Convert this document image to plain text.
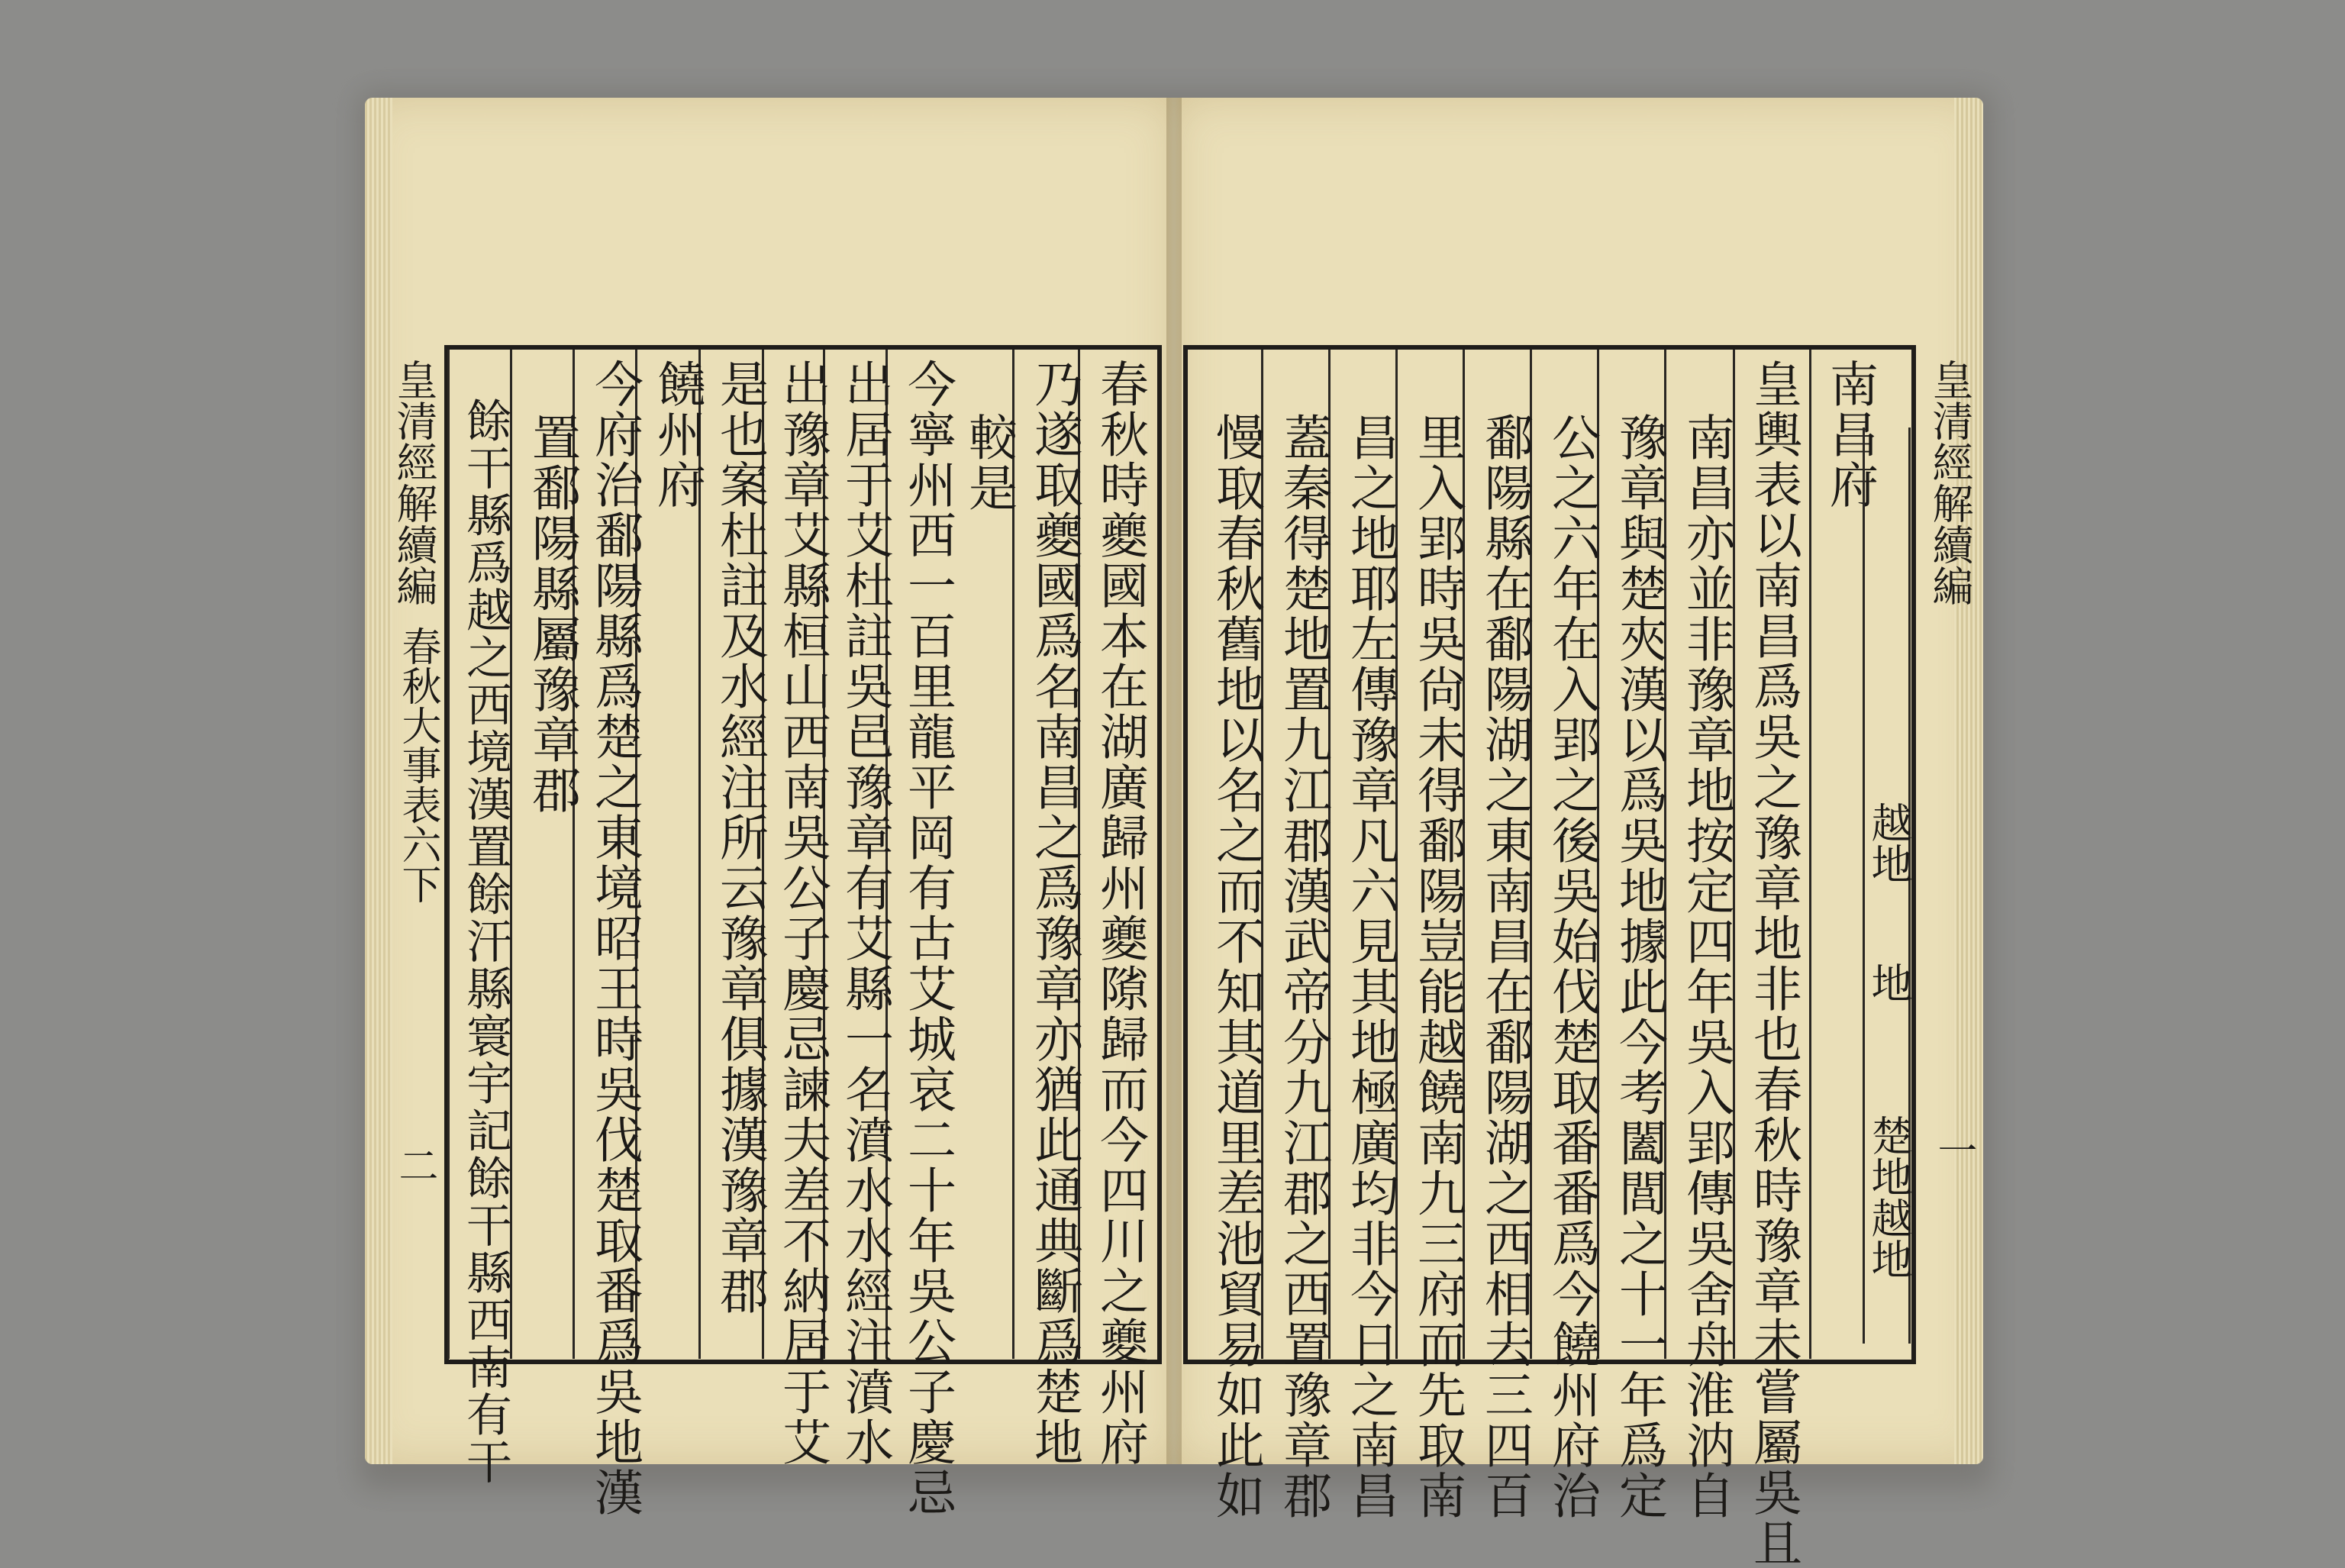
皇清經解續編
春秋大事表六下
二	春秋時夔國本在湖廣歸州夔𨻶歸而今四川之夔州府
乃遂取夔國爲名南昌之爲豫章亦猶此通典斷爲楚地
較是
今寧州西一百里龍平岡有古艾城哀二十年吳公子慶忌
出居于艾杜註吳邑豫章有艾縣一名濆水水經注濆水
出豫章艾縣桓山西南吳公子慶忌諫夫差不納居于艾
是也案杜註及水經注所云豫章俱據漢豫章郡
饒州府
今府治鄱陽縣爲楚之東境昭王時吳伐楚取番爲吳地漢
置鄱陽縣屬豫章郡
餘干縣爲越之西境漢置餘汗縣寰宇記餘干縣西南有干	南昌府
皇輿表以南昌爲吳之豫章地非也春秋時豫章未嘗屬吳且
南昌亦並非豫章地按定四年吳入郢傳吳舍舟淮汭自
豫章與楚夾漢以爲吳地據此今考闔閭之十一年爲定
公之六年在入郢之後吳始伐楚取番番爲今饒州府治
鄱陽縣在鄱陽湖之東南昌在鄱陽湖之西相去三四百
里入郢時吳尙未得鄱陽豈能越饒南九三府而先取南
昌之地耶左傳豫章凡六見其地極廣均非今日之南昌
蓋秦得楚地置九江郡漢武帝分九江郡之西置豫章郡
慢取春秋舊地以名之而不知其道里差池貿易如此如	越地
地
楚地越地
皇清經解續編
一
